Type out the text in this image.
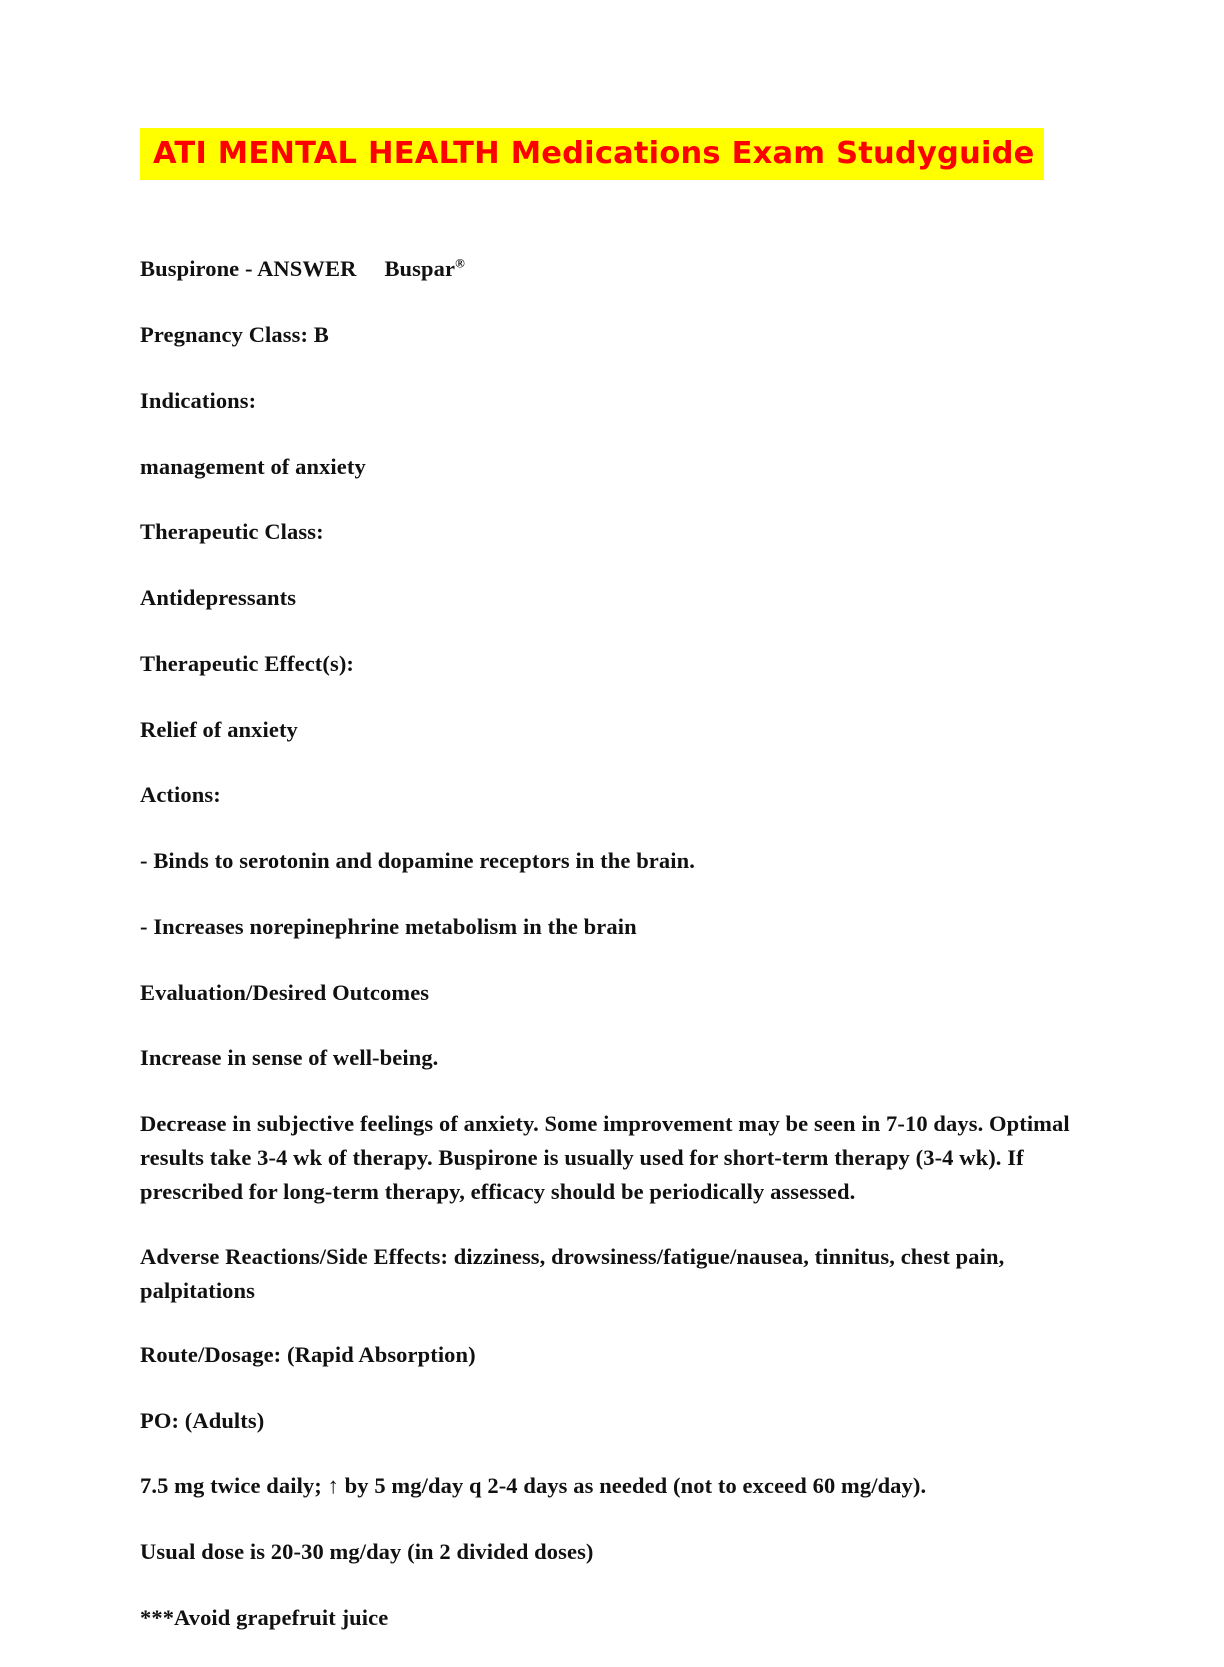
ATI MENTAL HEALTH Medications Exam Studyguide

Buspirone - ANSWER Buspar®

Pregnancy Class: B

Indications:

management of anxiety

Therapeutic Class:

Antidepressants

Therapeutic Effect(s):

Relief of anxiety

Actions:

- Binds to serotonin and dopamine receptors in the brain.

- Increases norepinephrine metabolism in the brain

Evaluation/Desired Outcomes

Increase in sense of well-being.

Decrease in subjective feelings of anxiety. Some improvement may be seen in 7-10 days. Optimal results take 3-4 wk of therapy. Buspirone is usually used for short-term therapy (3-4 wk). If prescribed for long-term therapy, efficacy should be periodically assessed.

Adverse Reactions/Side Effects: dizziness, drowsiness/fatigue/nausea, tinnitus, chest pain, palpitations

Route/Dosage: (Rapid Absorption)

PO: (Adults)

7.5 mg twice daily; ↑ by 5 mg/day q 2-4 days as needed (not to exceed 60 mg/day).

Usual dose is 20-30 mg/day (in 2 divided doses)

***Avoid grapefruit juice
